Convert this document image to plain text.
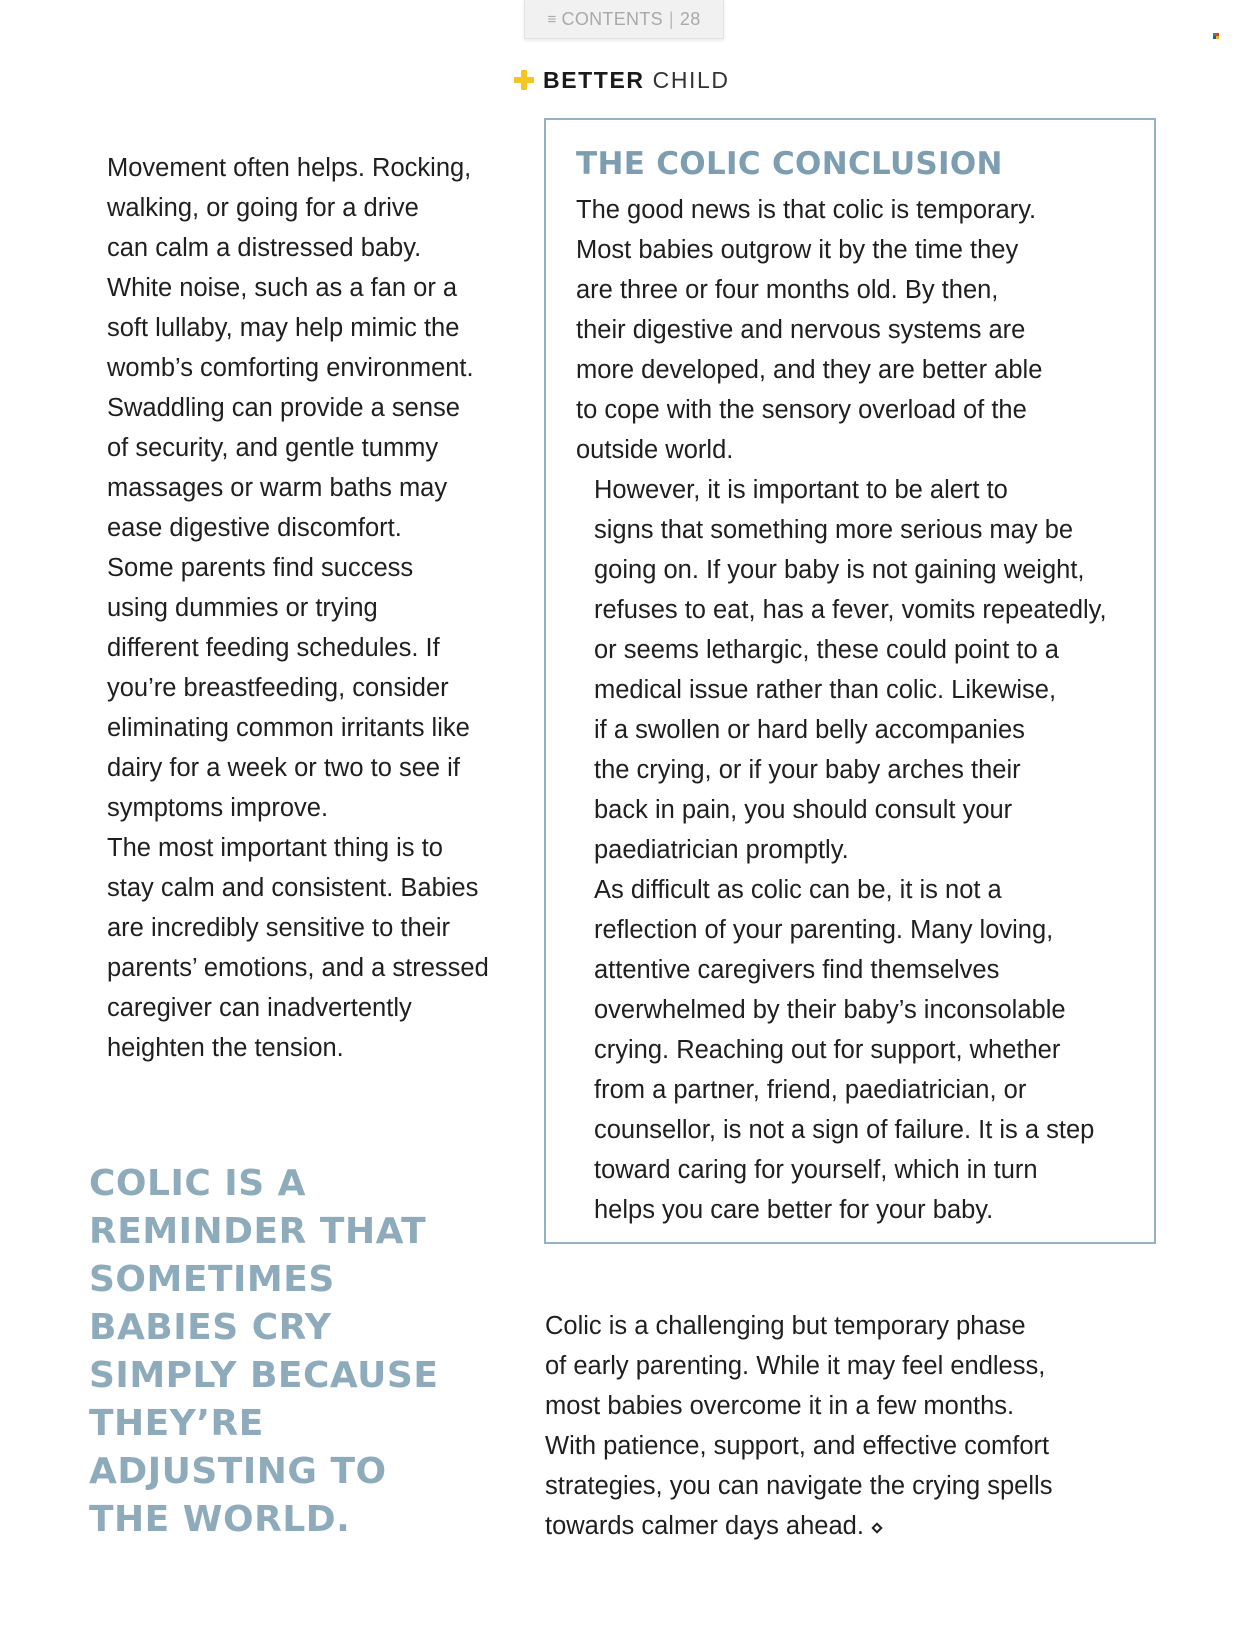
≡ CONTENTS | 28
BETTER CHILD

Movement often helps. Rocking,
walking, or going for a drive
can calm a distressed baby.
White noise, such as a fan or a
soft lullaby, may help mimic the
womb’s comforting environment.
Swaddling can provide a sense
of security, and gentle tummy
massages or warm baths may
ease digestive discomfort.

Some parents find success
using dummies or trying
different feeding schedules. If
you’re breastfeeding, consider
eliminating common irritants like
dairy for a week or two to see if
symptoms improve.

The most important thing is to
stay calm and consistent. Babies
are incredibly sensitive to their
parents’ emotions, and a stressed
caregiver can inadvertently
heighten the tension.

COLIC IS A
REMINDER THAT
SOMETIMES
BABIES CRY
SIMPLY BECAUSE
THEY’RE
ADJUSTING TO
THE WORLD.
THE COLIC CONCLUSION

The good news is that colic is temporary.
Most babies outgrow it by the time they
are three or four months old. By then,
their digestive and nervous systems are
more developed, and they are better able
to cope with the sensory overload of the
outside world.

However, it is important to be alert to
signs that something more serious may be
going on. If your baby is not gaining weight,
refuses to eat, has a fever, vomits repeatedly,
or seems lethargic, these could point to a
medical issue rather than colic. Likewise,
if a swollen or hard belly accompanies
the crying, or if your baby arches their
back in pain, you should consult your
paediatrician promptly.

As difficult as colic can be, it is not a
reflection of your parenting. Many loving,
attentive caregivers find themselves
overwhelmed by their baby’s inconsolable
crying. Reaching out for support, whether
from a partner, friend, paediatrician, or
counsellor, is not a sign of failure. It is a step
toward caring for yourself, which in turn
helps you care better for your baby.

Colic is a challenging but temporary phase
of early parenting. While it may feel endless,
most babies overcome it in a few months.
With patience, support, and effective comfort
strategies, you can navigate the crying spells
towards calmer days ahead.
